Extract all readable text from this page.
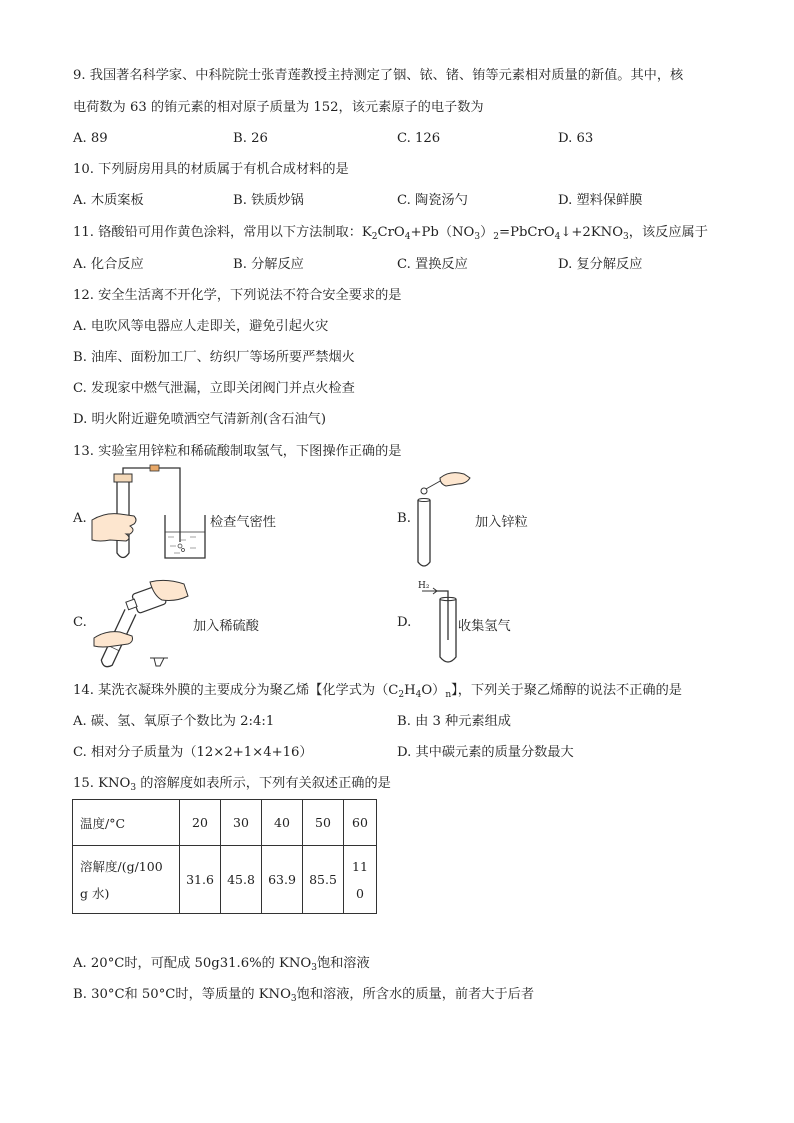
9. 我国著名科学家、中科院院士张青莲教授主持测定了铟、铱、锗、铕等元素相对质量的新值。其中，核
电荷数为 63 的铕元素的相对原子质量为 152，该元素原子的电子数为
A. 89	B. 26	C. 126	D. 63
10. 下列厨房用具的材质属于有机合成材料的是
A. 木质案板	B. 铁质炒锅	C. 陶瓷汤勺	D. 塑料保鲜膜
11. 铬酸铅可用作黄色涂料，常用以下方法制取：$K_2CrO_4+Pb(NO_3)_2=PbCrO_4↓+2KNO_3$，该反应属于
A. 化合反应	B. 分解反应	C. 置换反应	D. 复分解反应
12. 安全生活离不开化学，下列说法不符合安全要求的是
A. 电吹风等电器应人走即关，避免引起火灾
B. 油库、面粉加工厂、纺织厂等场所要严禁烟火
C. 发现家中燃气泄漏，立即关闭阀门并点火检查
D. 明火附近避免喷洒空气清新剂(含石油气)
13. 实验室用锌粒和稀硫酸制取氢气，下图操作正确的是
A.	检查气密性	B.	加入锌粒
C.	加入稀硫酸	D.
H₂
收集氢气
14. 某洗衣凝珠外膜的主要成分为聚乙烯【化学式为$(C_2H_4O)_n$】，下列关于聚乙烯醇的说法不正确的是
A. 碳、氢、氧原子个数比为 2:4:1	B. 由 3 种元素组成
C. 相对分子质量为（12×2+1×4+16）	D. 其中碳元素的质量分数最大
15. $KNO_3$ 的溶解度如表所示，下列有关叙述正确的是
温度/°C	20	30	40	50	60
溶解度/(g/100
g 水)	31.6	45.8	63.9	85.5	11
0
A. 20°C时，可配成 50g31.6%的 $KNO_3$饱和溶液
B. 30°C和 50°C时，等质量的 $KNO_3$饱和溶液，所含水的质量，前者大于后者
